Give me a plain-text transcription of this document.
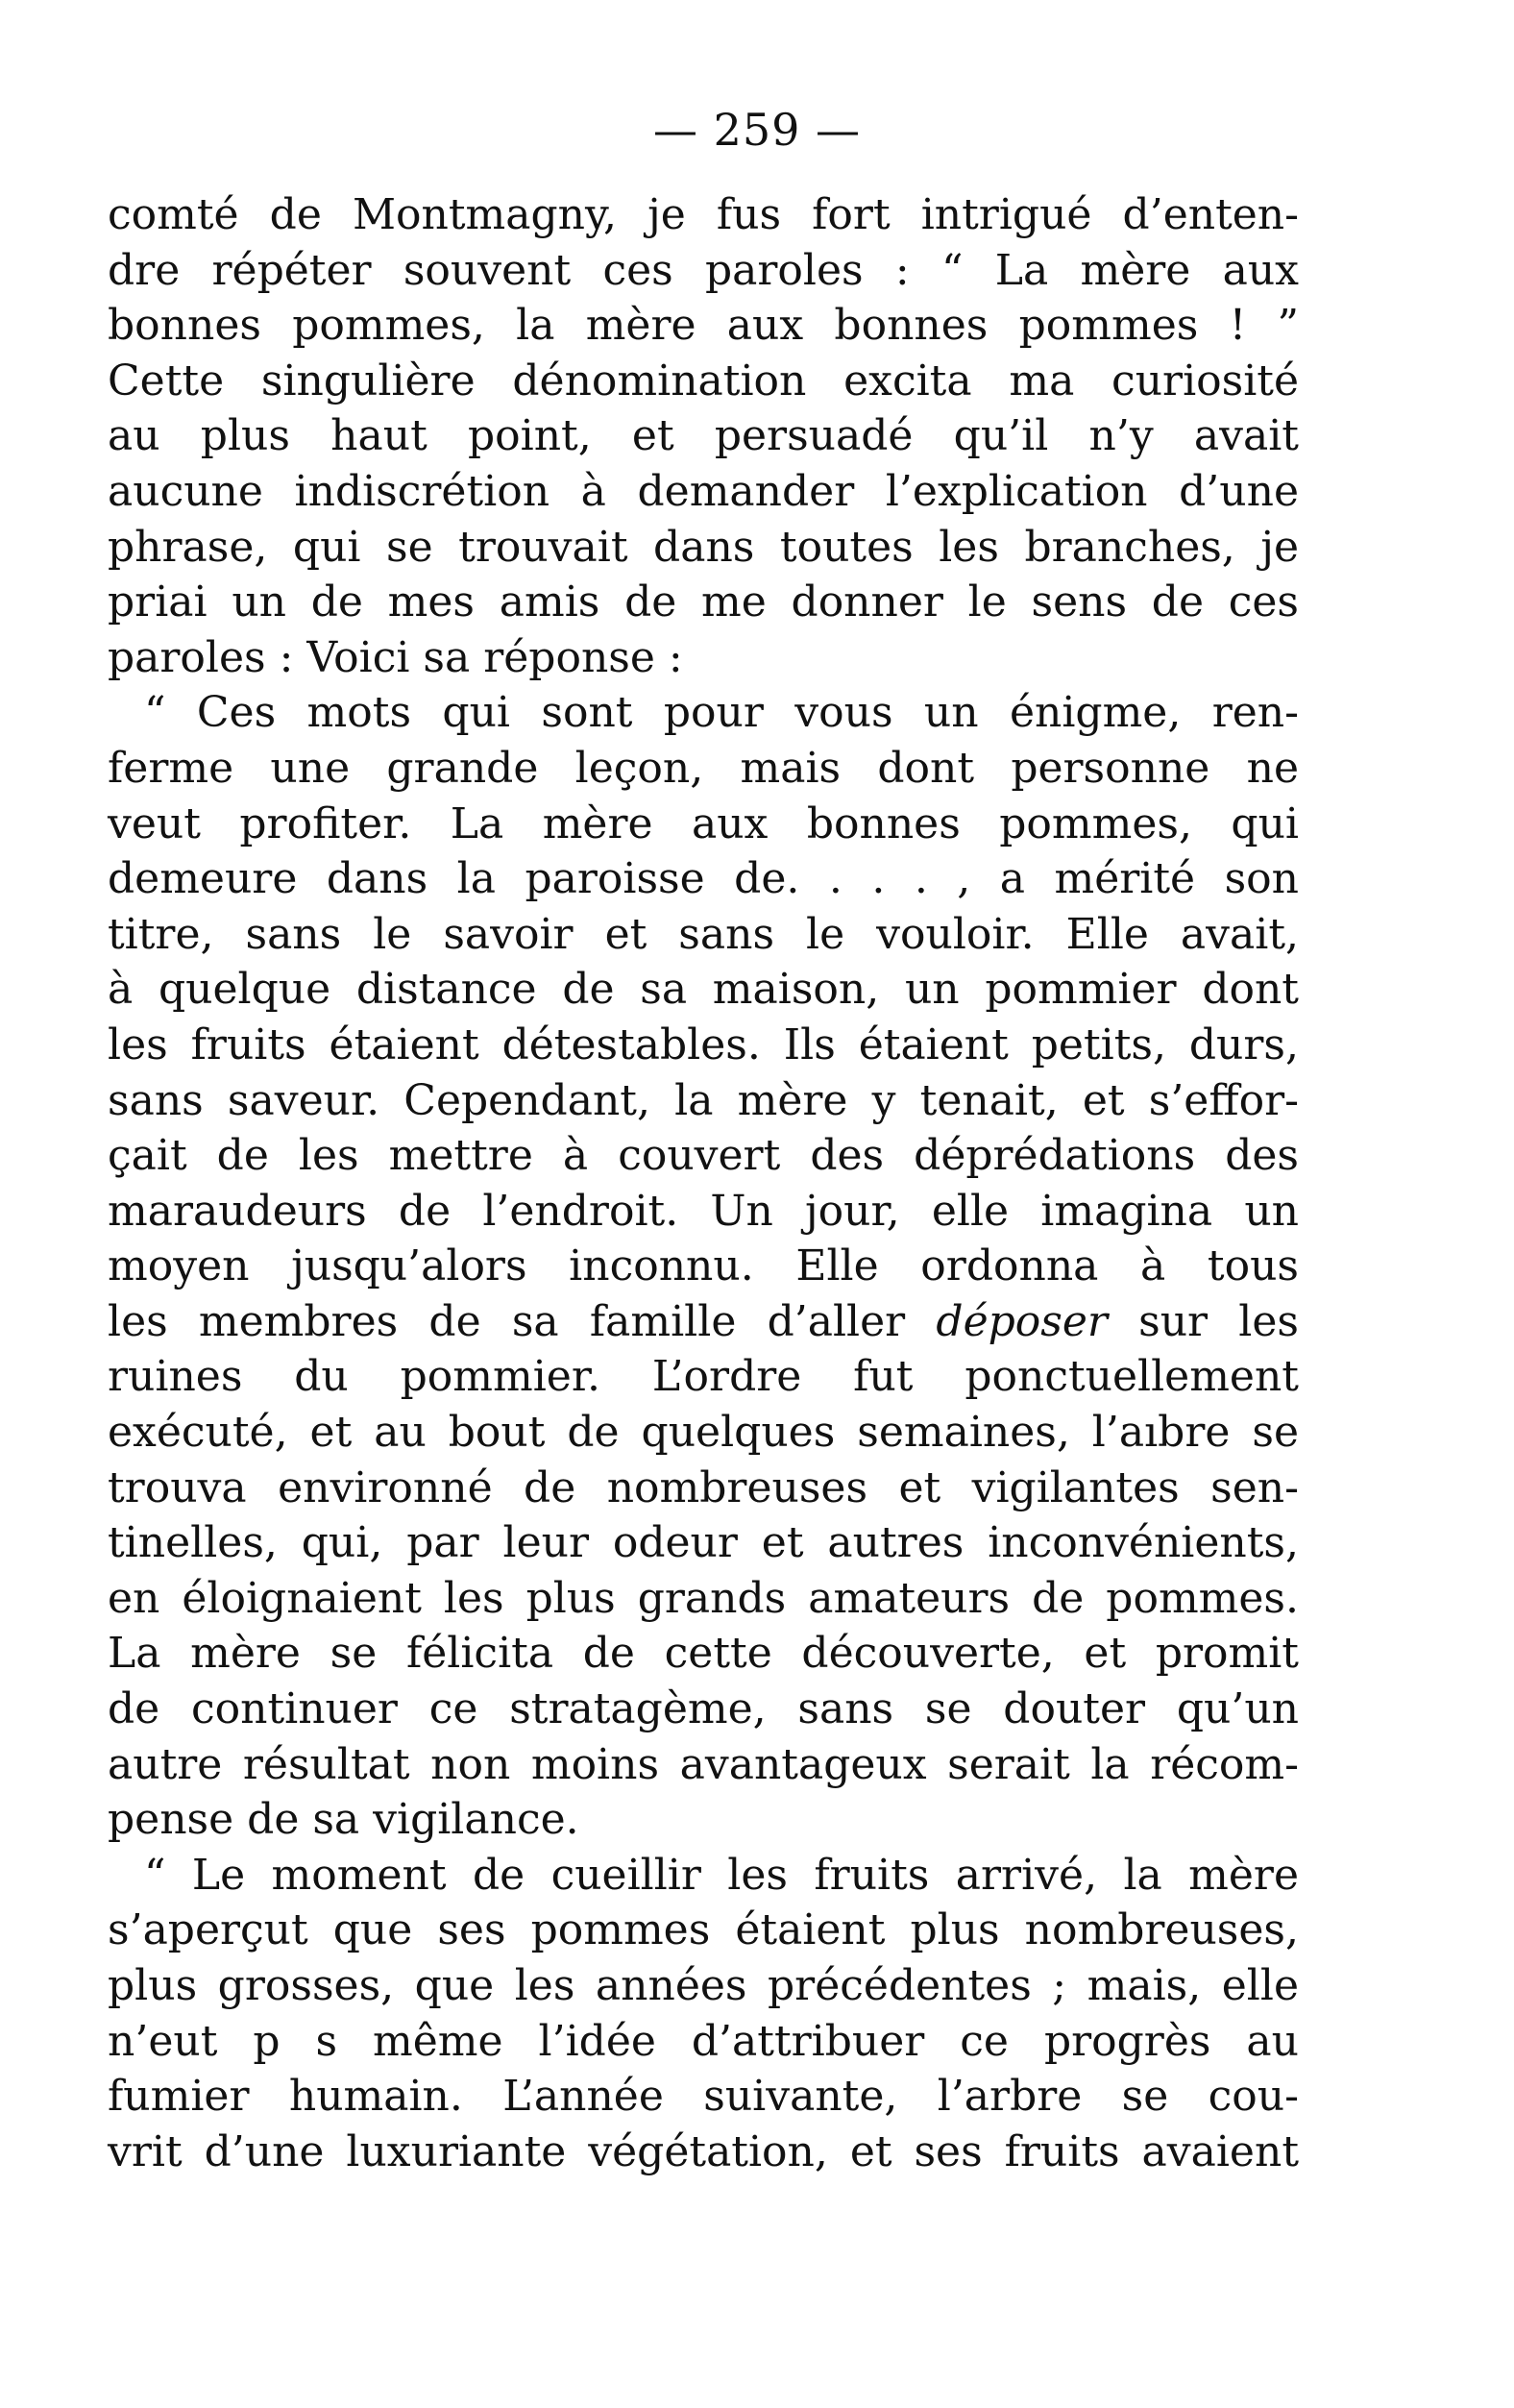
— 259 —
comté de Montmagny, je fus fort intrigué d’enten-
dre répéter souvent ces paroles : “ La mère aux
bonnes pommes, la mère aux bonnes pommes ! ”
Cette singulière dénomination excita ma curiosité
au plus haut point, et persuadé qu’il n’y avait
aucune indiscrétion à demander l’explication d’une
phrase, qui se trouvait dans toutes les branches, je
priai un de mes amis de me donner le sens de ces
paroles : Voici sa réponse :
“ Ces mots qui sont pour vous un énigme, ren-
ferme une grande leçon, mais dont personne ne
veut profiter. La mère aux bonnes pommes, qui
demeure dans la paroisse de. . . . , a mérité son
titre, sans le savoir et sans le vouloir. Elle avait,
à quelque distance de sa maison, un pommier dont
les fruits étaient détestables. Ils étaient petits, durs,
sans saveur. Cependant, la mère y tenait, et s’effor-
çait de les mettre à couvert des déprédations des
maraudeurs de l’endroit. Un jour, elle imagina un
moyen jusqu’alors inconnu. Elle ordonna à tous
les membres de sa famille d’aller déposer sur les
ruines du pommier. L’ordre fut ponctuellement
exécuté, et au bout de quelques semaines, l’aıbre se
trouva environné de nombreuses et vigilantes sen-
tinelles, qui, par leur odeur et autres inconvénients,
en éloignaient les plus grands amateurs de pommes.
La mère se félicita de cette découverte, et promit
de continuer ce stratagème, sans se douter qu’un
autre résultat non moins avantageux serait la récom-
pense de sa vigilance.
“ Le moment de cueillir les fruits arrivé, la mère
s’aperçut que ses pommes étaient plus nombreuses,
plus grosses, que les années précédentes ; mais, elle
n’eut p s même l’idée d’attribuer ce progrès au
fumier humain. L’année suivante, l’arbre se cou-
vrit d’une luxuriante végétation, et ses fruits avaient
